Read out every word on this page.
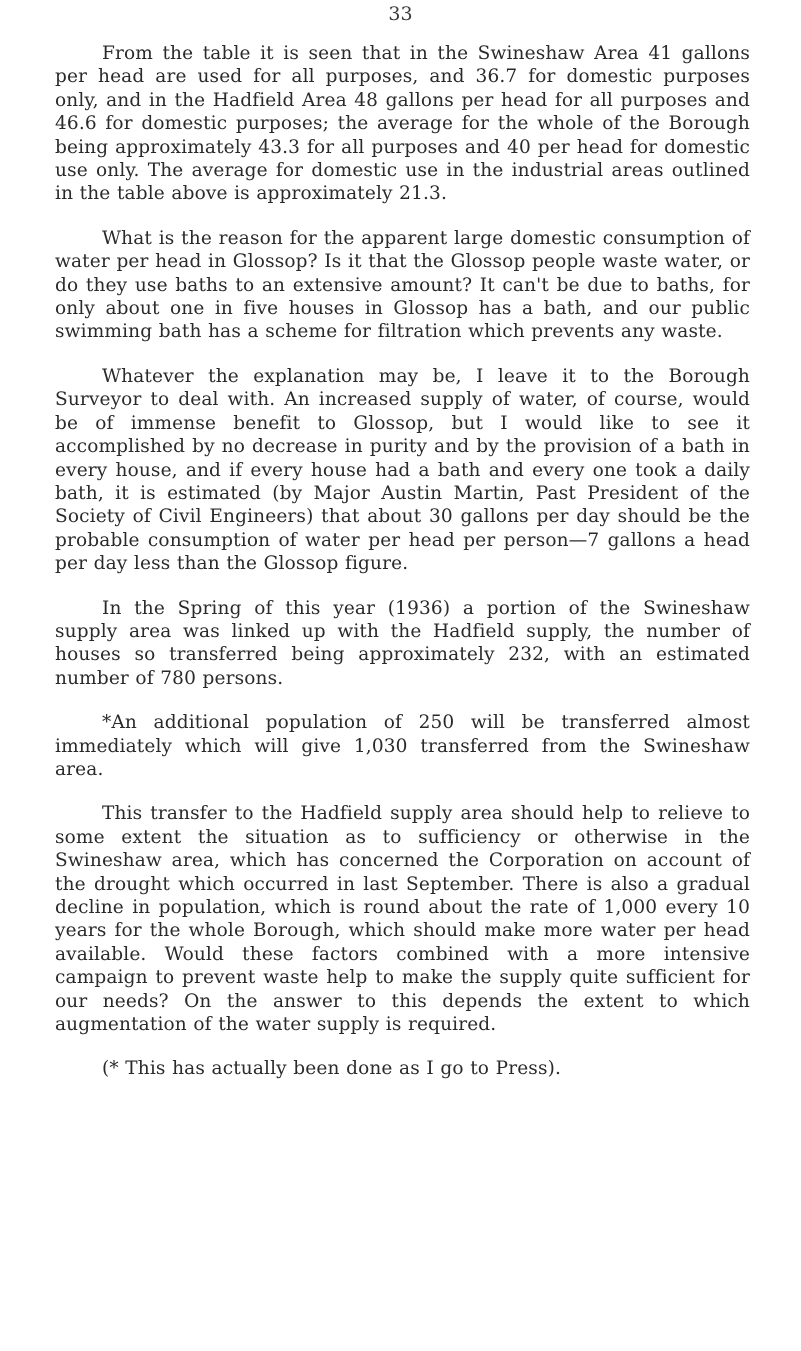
33

From the table it is seen that in the Swineshaw Area 41 gallons per head are used for all purposes, and 36.7 for domestic purposes only, and in the Hadfield Area 48 gallons per head for all purposes and 46.6 for domestic purposes; the average for the whole of the Borough being approximately 43.3 for all purposes and 40 per head for domestic use only. The average for domestic use in the industrial areas outlined in the table above is approximately 21.3.

What is the reason for the apparent large domestic consumption of water per head in Glossop? Is it that the Glossop people waste water, or do they use baths to an extensive amount? It can't be due to baths, for only about one in five houses in Glossop has a bath, and our public swimming bath has a scheme for filtration which prevents any waste.

Whatever the explanation may be, I leave it to the Borough Surveyor to deal with. An increased supply of water, of course, would be of immense benefit to Glossop, but I would like to see it accomplished by no decrease in purity and by the provision of a bath in every house, and if every house had a bath and every one took a daily bath, it is estimated (by Major Austin Martin, Past President of the Society of Civil Engineers) that about 30 gallons per day should be the probable consumption of water per head per person—7 gallons a head per day less than the Glossop figure.

In the Spring of this year (1936) a portion of the Swineshaw supply area was linked up with the Hadfield supply, the number of houses so transferred being approximately 232, with an estimated number of 780 persons.

*An additional population of 250 will be transferred almost immediately which will give 1,030 transferred from the Swineshaw area.

This transfer to the Hadfield supply area should help to relieve to some extent the situation as to sufficiency or otherwise in the Swineshaw area, which has concerned the Corporation on account of the drought which occurred in last September. There is also a gradual decline in population, which is round about the rate of 1,000 every 10 years for the whole Borough, which should make more water per head available. Would these factors combined with a more intensive campaign to prevent waste help to make the supply quite sufficient for our needs? On the answer to this depends the extent to which augmentation of the water supply is required.

(* This has actually been done as I go to Press).
